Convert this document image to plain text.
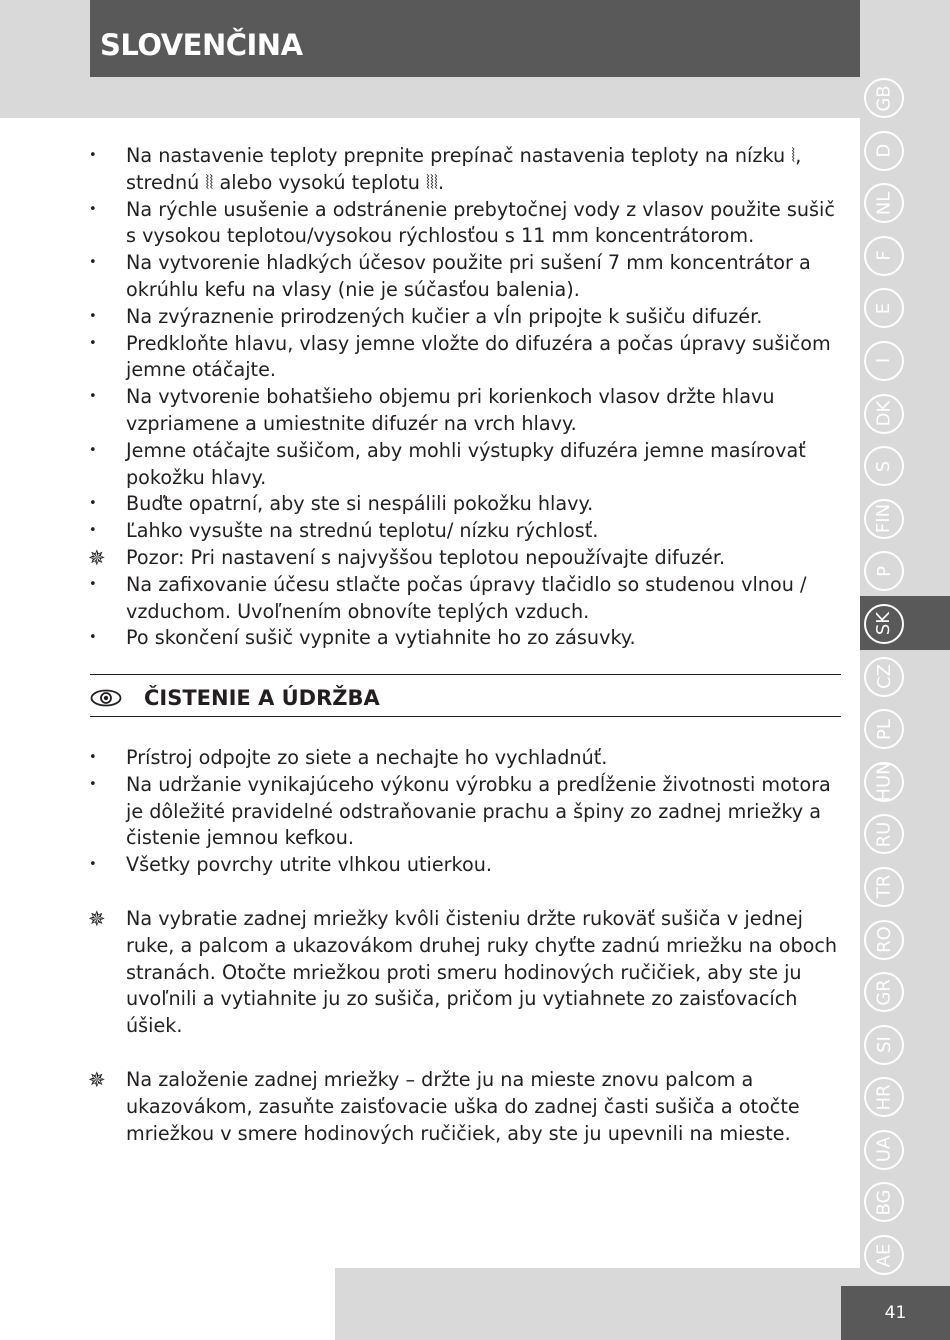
SLOVENČINA
GB
D
NL
F
E
I
DK
S
FIN
P
SK
CZ
PL
HUN
RU
TR
RO
GR
SI
HR
UA
BG
AE
•	Na nastavenie teploty prepnite prepínač nastavenia teploty na nízku ⦚, strednú ⦚⦚ alebo vysokú teplotu ⦚⦚⦚.
•	Na rýchle usušenie a odstránenie prebytočnej vody z vlasov použite sušič s vysokou teplotou/vysokou rýchlosťou s 11 mm koncentrátorom.
•	Na vytvorenie hladkých účesov použite pri sušení 7 mm koncentrátor a okrúhlu kefu na vlasy (nie je súčasťou balenia).
•	Na zvýraznenie prirodzených kučier a vĺn pripojte k sušiču difuzér.
•	Predkloňte hlavu, vlasy jemne vložte do difuzéra a počas úpravy sušičom jemne otáčajte.
•	Na vytvorenie bohatšieho objemu pri korienkoch vlasov držte hlavu vzpriamene a umiestnite difuzér na vrch hlavy.
•	Jemne otáčajte sušičom, aby mohli výstupky difuzéra jemne masírovať pokožku hlavy.
•	Buďte opatrní, aby ste si nespálili pokožku hlavy.
•	Ľahko vysušte na strednú teplotu/ nízku rýchlosť.
✵	Pozor: Pri nastavení s najvyššou teplotou nepoužívajte difuzér.
•	Na zafixovanie účesu stlačte počas úpravy tlačidlo so studenou vlnou / vzduchom. Uvoľnením obnovíte teplých vzduch.
•	Po skončení sušič vypnite a vytiahnite ho zo zásuvky.
ČISTENIE A ÚDRŽBA
•	Prístroj odpojte zo siete a nechajte ho vychladnúť.
•	Na udržanie vynikajúceho výkonu výrobku a predĺženie životnosti motora je dôležité pravidelné odstraňovanie prachu a špiny zo zadnej mriežky a čistenie jemnou kefkou.
•	Všetky povrchy utrite vlhkou utierkou.
✵	Na vybratie zadnej mriežky kvôli čisteniu držte rukoväť sušiča v jednej ruke, a palcom a ukazovákom druhej ruky chyťte zadnú mriežku na oboch stranách. Otočte mriežkou proti smeru hodinových ručičiek, aby ste ju uvoľnili a vytiahnite ju zo sušiča, pričom ju vytiahnete zo zaisťovacích úšiek.
✵	Na založenie zadnej mriežky – držte ju na mieste znovu palcom a ukazovákom, zasuňte zaisťovacie uška do zadnej časti sušiča a otočte mriežkou v smere hodinových ručičiek, aby ste ju upevnili na mieste.
41
